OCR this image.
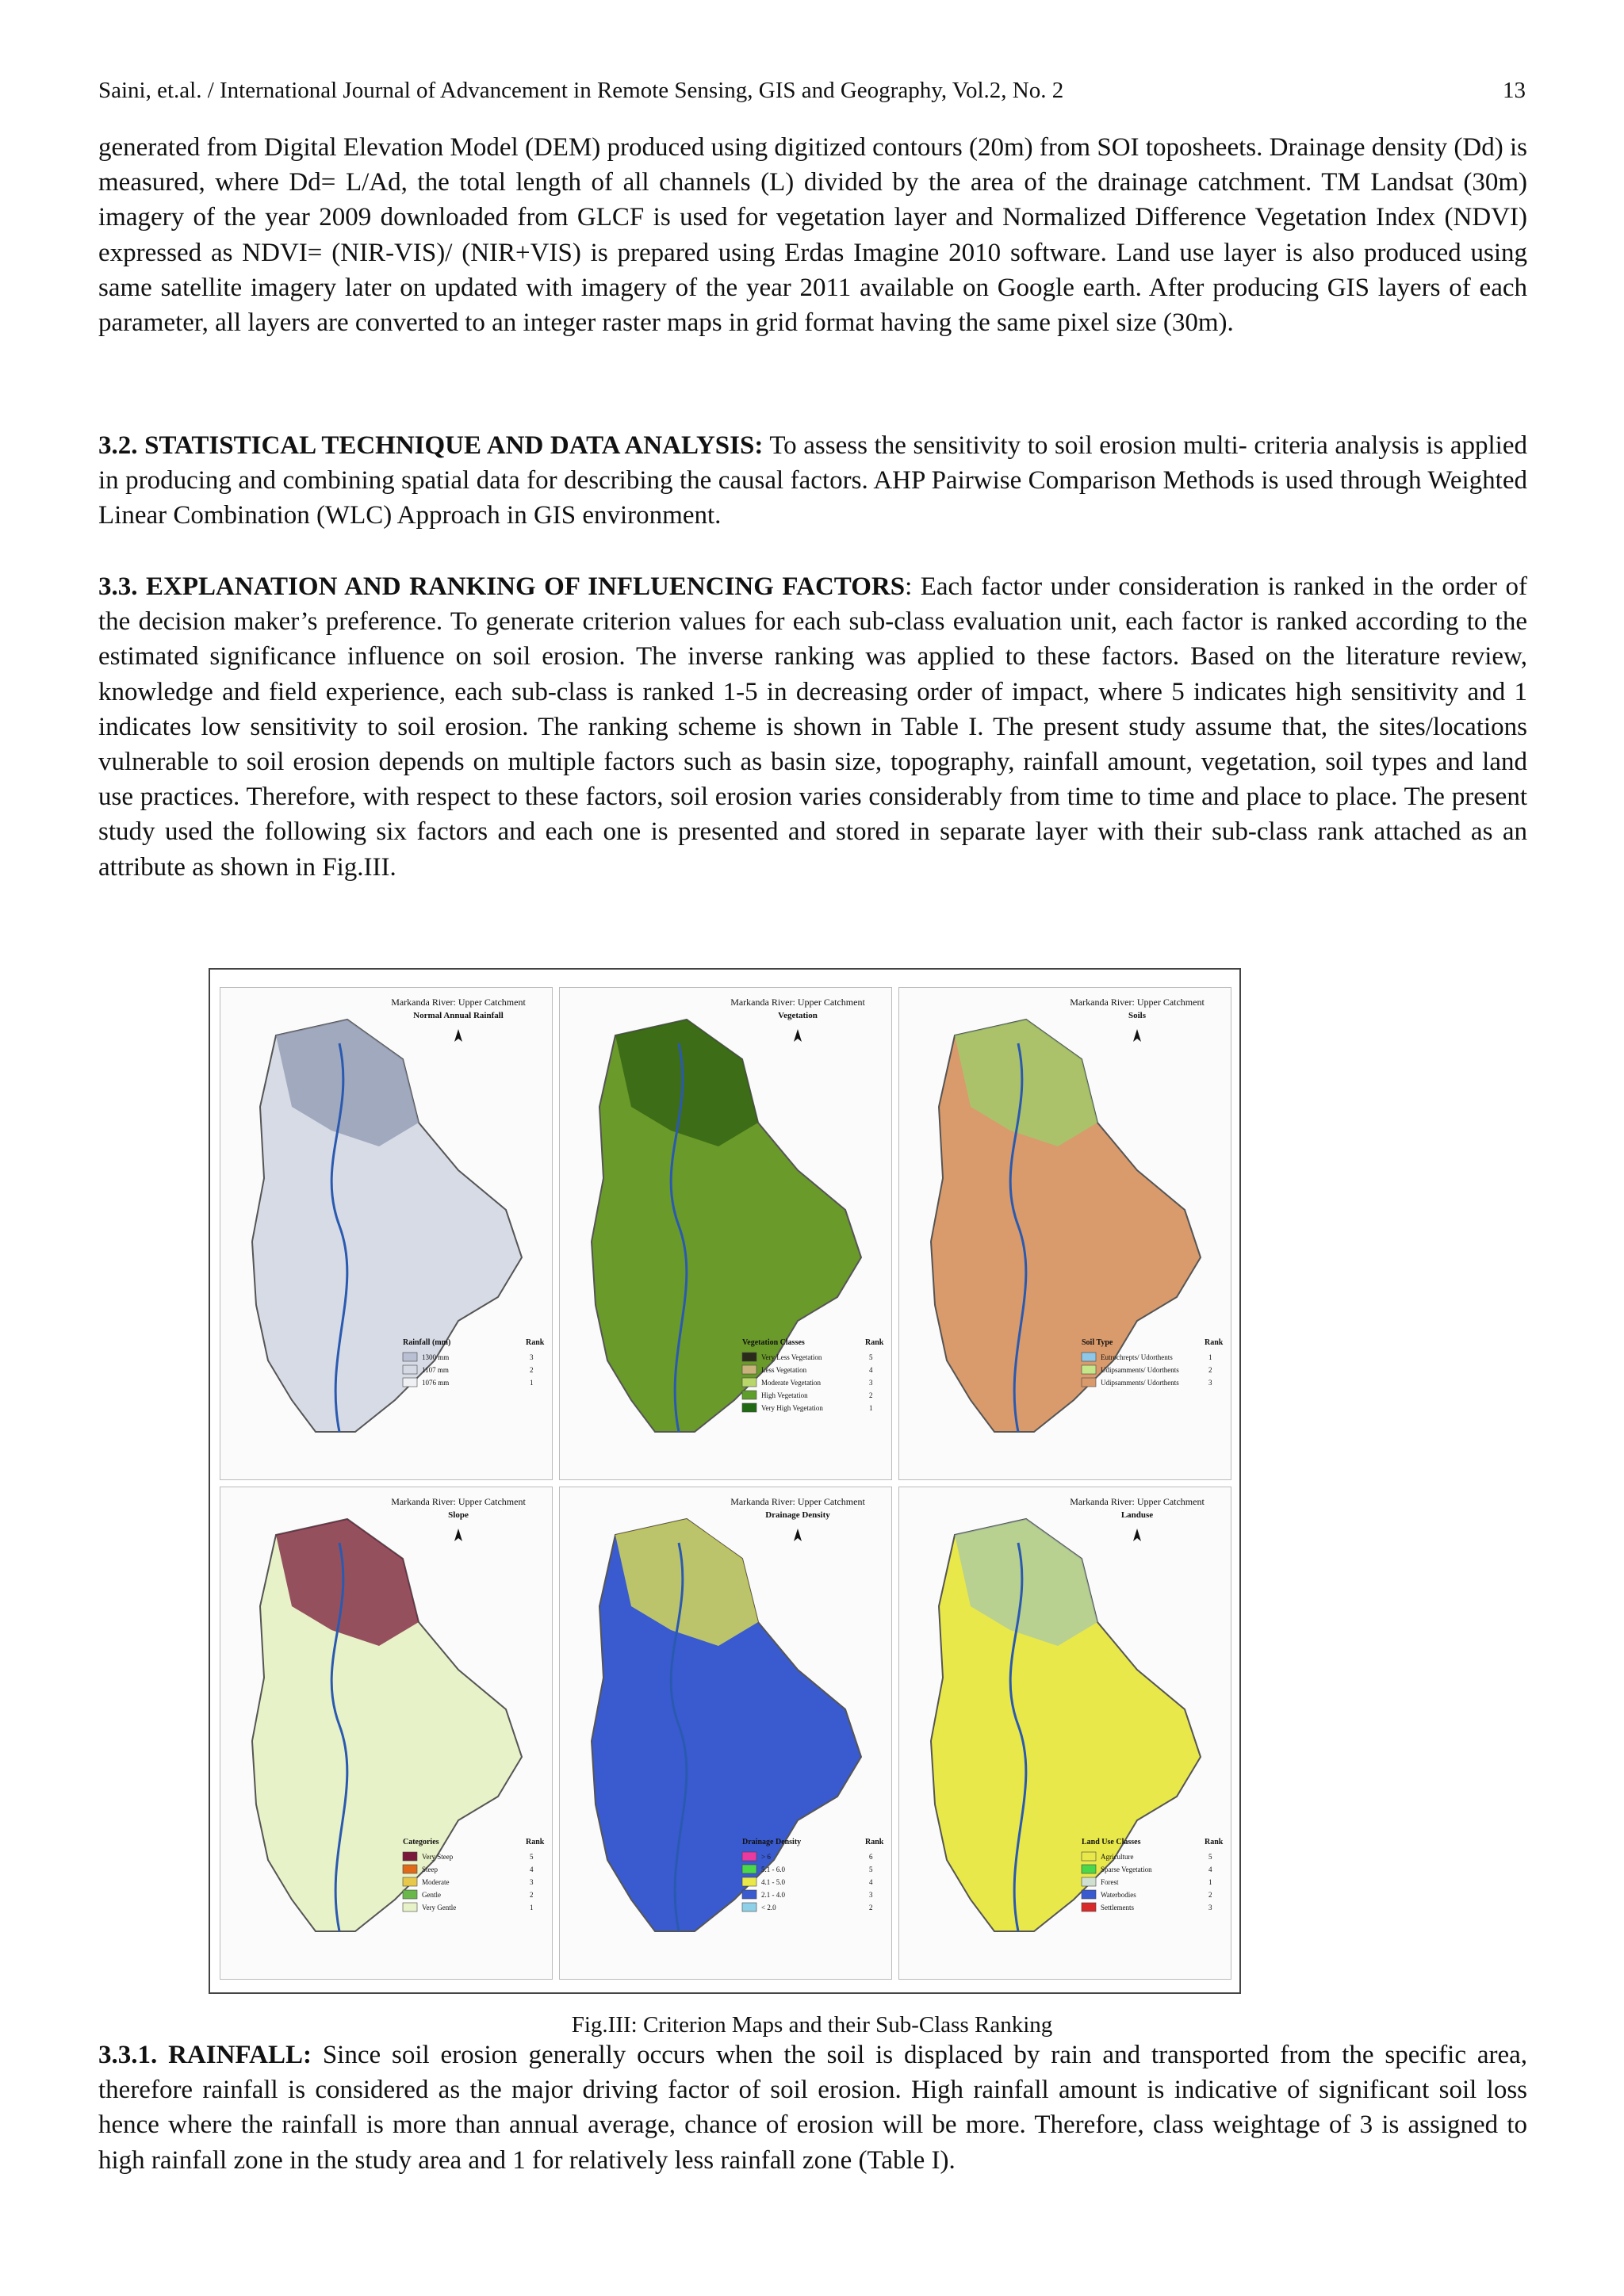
Saini, et.al. / International Journal of Advancement in Remote Sensing, GIS and Geography, Vol.2, No. 2	13

generated from Digital Elevation Model (DEM) produced using digitized contours (20m) from SOI toposheets. Drainage density (Dd) is measured, where Dd= L/Ad, the total length of all channels (L) divided by the area of the drainage catchment. TM Landsat (30m) imagery of the year 2009 downloaded from GLCF is used for vegetation layer and Normalized Difference Vegetation Index (NDVI) expressed as NDVI= (NIR-VIS)/ (NIR+VIS) is prepared using Erdas Imagine 2010 software. Land use layer is also produced using same satellite imagery later on updated with imagery of the year 2011 available on Google earth. After producing GIS layers of each parameter, all layers are converted to an integer raster maps in grid format having the same pixel size (30m).

3.2. STATISTICAL TECHNIQUE AND DATA ANALYSIS: To assess the sensitivity to soil erosion multi- criteria analysis is applied in producing and combining spatial data for describing the causal factors. AHP Pairwise Comparison Methods is used through Weighted Linear Combination (WLC) Approach in GIS environment.

3.3. EXPLANATION AND RANKING OF INFLUENCING FACTORS: Each factor under consideration is ranked in the order of the decision maker’s preference. To generate criterion values for each sub-class evaluation unit, each factor is ranked according to the estimated significance influence on soil erosion. The inverse ranking was applied to these factors. Based on the literature review, knowledge and field experience, each sub-class is ranked 1-5 in decreasing order of impact, where 5 indicates high sensitivity and 1 indicates low sensitivity to soil erosion. The ranking scheme is shown in Table I. The present study assume that, the sites/locations vulnerable to soil erosion depends on multiple factors such as basin size, topography, rainfall amount, vegetation, soil types and land use practices. Therefore, with respect to these factors, soil erosion varies considerably from time to time and place to place. The present study used the following six factors and each one is presented and stored in separate layer with their sub-class rank attached as an attribute as shown in Fig.III.

Markanda River: Upper Catchment
Normal Annual Rainfall
Rainfall (mm)	Rank
1300 mm	3
1107 mm	2
1076 mm	1
Markanda River: Upper Catchment
Vegetation
Vegetation Classes	Rank
Very Less Vegetation	5
Less Vegetation	4
Moderate Vegetation	3
High Vegetation	2
Very High Vegetation	1
Markanda River: Upper Catchment
Soils
Soil Type	Rank
Eutrochrepts/ Udorthents	1
Udipsamments/ Udorthents	2
Udipsamments/ Udorthents	3
Markanda River: Upper Catchment
Slope
Categories	Rank
Very Steep	5
Steep	4
Moderate	3
Gentle	2
Very Gentle	1
Markanda River: Upper Catchment
Drainage Density
Drainage Density	Rank
> 6	6
5.1 - 6.0	5
4.1 - 5.0	4
2.1 - 4.0	3
< 2.0	2
Markanda River: Upper Catchment
Landuse
Land Use Classes	Rank
Agriculture	5
Sparse Vegetation	4
Forest	1
Waterbodies	2
Settlements	3
Fig.III: Criterion Maps and their Sub-Class Ranking

3.3.1. RAINFALL: Since soil erosion generally occurs when the soil is displaced by rain and transported from the specific area, therefore rainfall is considered as the major driving factor of soil erosion. High rainfall amount is indicative of significant soil loss hence where the rainfall is more than annual average, chance of erosion will be more. Therefore, class weightage of 3 is assigned to high rainfall zone in the study area and 1 for relatively less rainfall zone (Table I).
